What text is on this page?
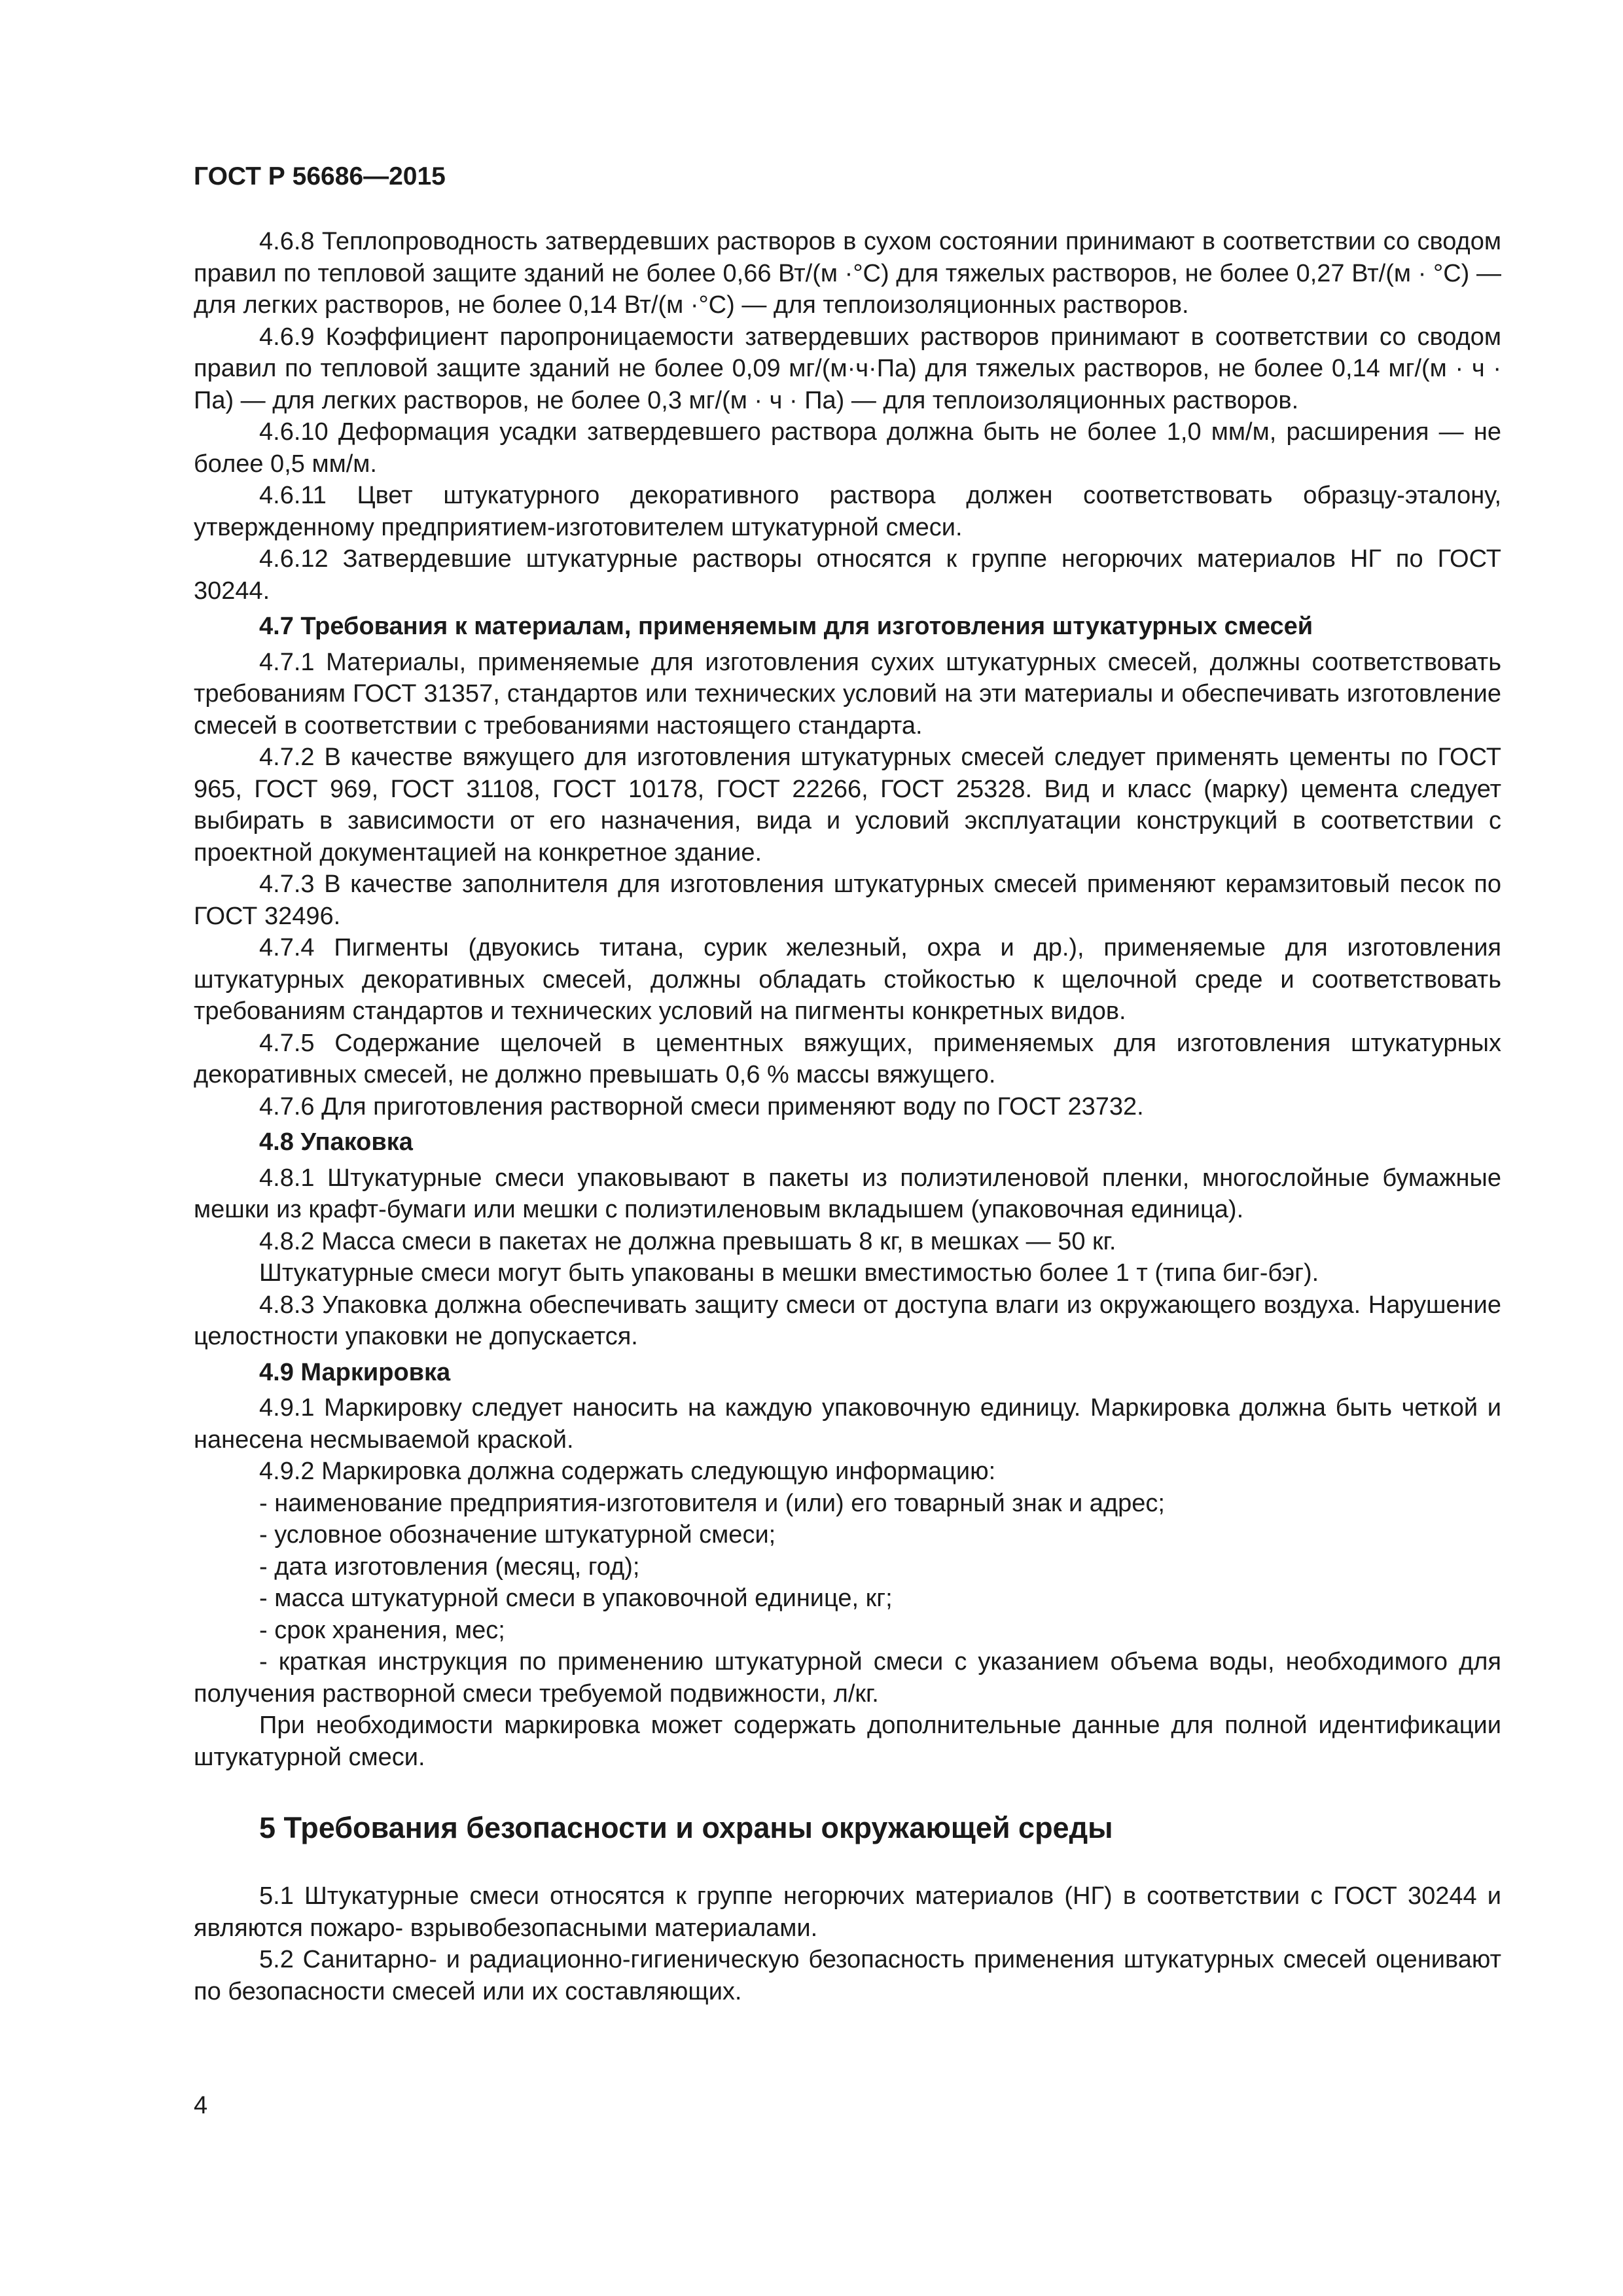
ГОСТ Р 56686—2015

4.6.8 Теплопроводность затвердевших растворов в сухом состоянии принимают в соответствии со сводом правил по тепловой защите зданий не более 0,66 Вт/(м ·°С) для тяжелых растворов, не более 0,27 Вт/(м · °С) — для легких растворов, не более 0,14 Вт/(м ·°С) — для теплоизоляционных растворов.

4.6.9 Коэффициент паропроницаемости затвердевших растворов принимают в соответствии со сводом правил по тепловой защите зданий не более 0,09 мг/(м·ч·Па) для тяжелых растворов, не более 0,14 мг/(м · ч · Па) — для легких растворов, не более 0,3 мг/(м · ч · Па) — для теплоизоляционных растворов.

4.6.10 Деформация усадки затвердевшего раствора должна быть не более 1,0 мм/м, расширения — не более 0,5 мм/м.

4.6.11 Цвет штукатурного декоративного раствора должен соответствовать образцу-эталону, утвержденному предприятием-изготовителем штукатурной смеси.

4.6.12 Затвердевшие штукатурные растворы относятся к группе негорючих материалов НГ по ГОСТ 30244.

4.7 Требования к материалам, применяемым для изготовления штукатурных смесей

4.7.1 Материалы, применяемые для изготовления сухих штукатурных смесей, должны соответствовать требованиям ГОСТ 31357, стандартов или технических условий на эти материалы и обеспечивать изготовление смесей в соответствии с требованиями настоящего стандарта.

4.7.2 В качестве вяжущего для изготовления штукатурных смесей следует применять цементы по ГОСТ 965, ГОСТ 969, ГОСТ 31108, ГОСТ 10178, ГОСТ 22266, ГОСТ 25328. Вид и класс (марку) цемента следует выбирать в зависимости от его назначения, вида и условий эксплуатации конструкций в соответствии с проектной документацией на конкретное здание.

4.7.3 В качестве заполнителя для изготовления штукатурных смесей применяют керамзитовый песок по ГОСТ 32496.

4.7.4 Пигменты (двуокись титана, сурик железный, охра и др.), применяемые для изготовления штукатурных декоративных смесей, должны обладать стойкостью к щелочной среде и соответствовать требованиям стандартов и технических условий на пигменты конкретных видов.

4.7.5 Содержание щелочей в цементных вяжущих, применяемых для изготовления штукатурных декоративных смесей, не должно превышать 0,6 % массы вяжущего.

4.7.6 Для приготовления растворной смеси применяют воду по ГОСТ 23732.

4.8 Упаковка

4.8.1 Штукатурные смеси упаковывают в пакеты из полиэтиленовой пленки, многослойные бумажные мешки из крафт-бумаги или мешки с полиэтиленовым вкладышем (упаковочная единица).

4.8.2 Масса смеси в пакетах не должна превышать 8 кг, в мешках — 50 кг.

Штукатурные смеси могут быть упакованы в мешки вместимостью более 1 т (типа биг-бэг).

4.8.3 Упаковка должна обеспечивать защиту смеси от доступа влаги из окружающего воздуха. Нарушение целостности упаковки не допускается.

4.9 Маркировка

4.9.1 Маркировку следует наносить на каждую упаковочную единицу. Маркировка должна быть четкой и нанесена несмываемой краской.

4.9.2 Маркировка должна содержать следующую информацию:

- наименование предприятия-изготовителя и (или) его товарный знак и адрес;

- условное обозначение штукатурной смеси;

- дата изготовления (месяц, год);

- масса штукатурной смеси в упаковочной единице, кг;

- срок хранения, мес;

- краткая инструкция по применению штукатурной смеси с указанием объема воды, необходимого для получения растворной смеси требуемой подвижности, л/кг.

При необходимости маркировка может содержать дополнительные данные для полной идентификации штукатурной смеси.

5 Требования безопасности и охраны окружающей среды

5.1 Штукатурные смеси относятся к группе негорючих материалов (НГ) в соответствии с ГОСТ 30244 и являются пожаро- взрывобезопасными материалами.

5.2 Санитарно- и радиационно-гигиеническую безопасность применения штукатурных смесей оценивают по безопасности смесей или их составляющих.

4
